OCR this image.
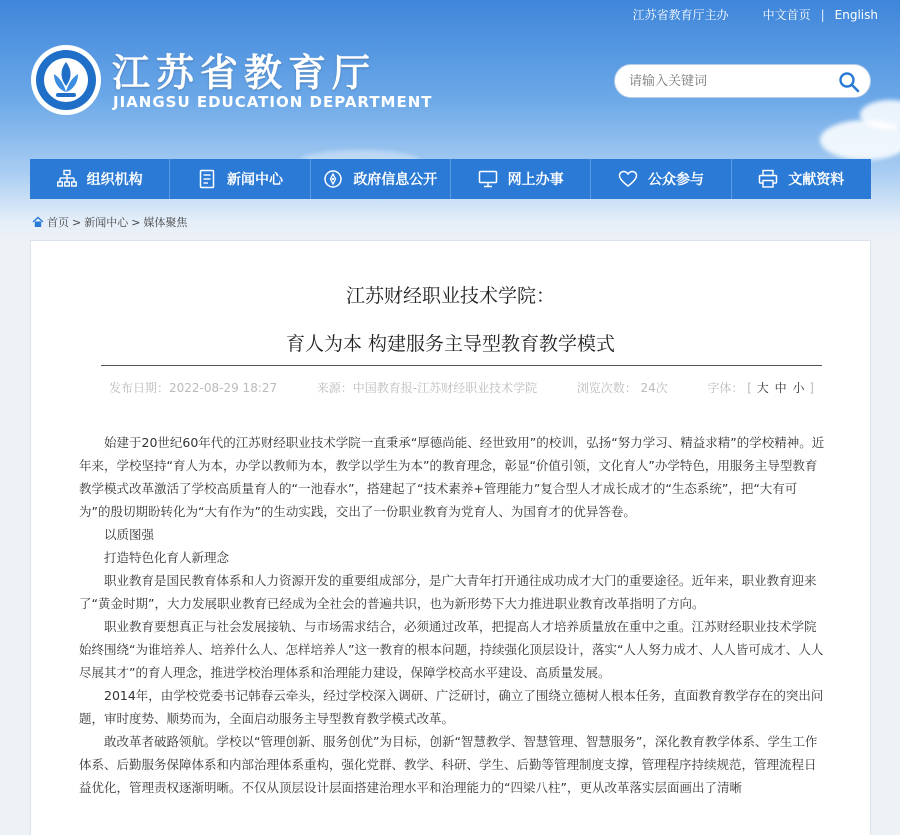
江苏省教育厅主办	中文首页 | English
江苏省教育厅
JIANGSU EDUCATION DEPARTMENT
请输入关键词
组织机构	新闻中心	政府信息公开	网上办事	公众参与	文献资料
首页 > 新闻中心 > 媒体聚焦
江苏财经职业技术学院：
育人为本 构建服务主导型教育教学模式
发布日期：2022-08-29 18:27	来源：中国教育报-江苏财经职业技术学院	浏览次数： 24次	字体： [ 大 中 小 ]

始建于20世纪60年代的江苏财经职业技术学院一直秉承“厚德尚能、经世致用”的校训，弘扬“努力学习、精益求精”的学校精神。近年来，学校坚持“育人为本，办学以教师为本，教学以学生为本”的教育理念，彰显“价值引领，文化育人”办学特色，用服务主导型教育教学模式改革激活了学校高质量育人的“一池春水”，搭建起了“技术素养+管理能力”复合型人才成长成才的“生态系统”，把“大有可为”的殷切期盼转化为“大有作为”的生动实践，交出了一份职业教育为党育人、为国育才的优异答卷。

以质图强

打造特色化育人新理念

职业教育是国民教育体系和人力资源开发的重要组成部分，是广大青年打开通往成功成才大门的重要途径。近年来，职业教育迎来了“黄金时期”，大力发展职业教育已经成为全社会的普遍共识，也为新形势下大力推进职业教育改革指明了方向。

职业教育要想真正与社会发展接轨、与市场需求结合，必须通过改革，把提高人才培养质量放在重中之重。江苏财经职业技术学院始终围绕“为谁培养人、培养什么人、怎样培养人”这一教育的根本问题，持续强化顶层设计，落实“人人努力成才、人人皆可成才、人人尽展其才”的育人理念，推进学校治理体系和治理能力建设，保障学校高水平建设、高质量发展。

2014年，由学校党委书记韩春云牵头，经过学校深入调研、广泛研讨，确立了围绕立德树人根本任务，直面教育教学存在的突出问题，审时度势、顺势而为，全面启动服务主导型教育教学模式改革。

敢改革者破路领航。学校以“管理创新、服务创优”为目标，创新“智慧教学、智慧管理、智慧服务”，深化教育教学体系、学生工作体系、后勤服务保障体系和内部治理体系重构，强化党群、教学、科研、学生、后勤等管理制度支撑，管理程序持续规范，管理流程日益优化，管理责权逐渐明晰。不仅从顶层设计层面搭建治理水平和治理能力的“四梁八柱”，更从改革落实层面画出了清晰
